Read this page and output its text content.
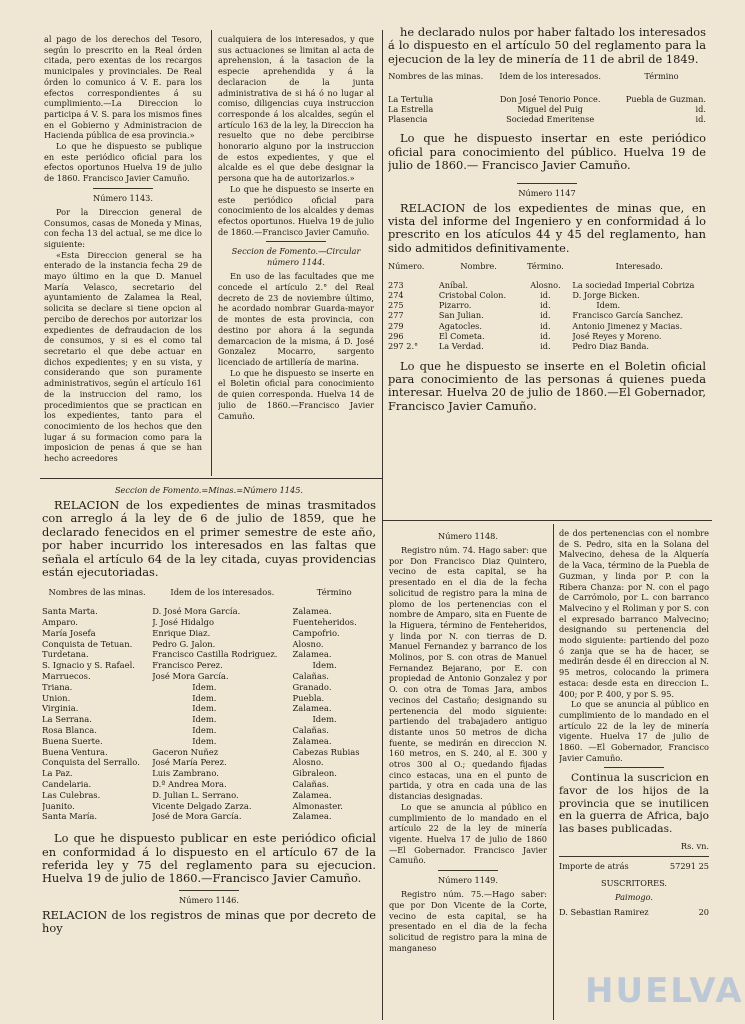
al pago de los derechos del Tesoro, según lo prescrito en la Real órden citada, pero exentas de los recargos municipales y provinciales. De Real órden lo comunico á V. E. para los efectos correspondientes á su cumplimiento.—La Direccion lo participa á V. S. para los mismos fines en el Gobierno y Administracion de Hacienda pública de esa provincia.»

Lo que he dispuesto se publique en este periódico oficial para los efectos oportunos Huelva 19 de julio de 1860. Francisco Javier Camuño.

Número 1143.

Por la Direccion general de Consumos, casas de Moneda y Minas, con fecha 13 del actual, se me dice lo siguiente:

«Esta Direccion general se ha enterado de la instancia fecha 29 de mayo último en la que D. Manuel María Velasco, secretario del ayuntamiento de Zalamea la Real, solicita se declare si tiene opcion al percibo de derechos por autorizar los expedientes de defraudacion de los de consumos, y si es el como tal secretario el que debe actuar en dichos expedientes; y en su vista, y considerando que son puramente administrativos, según el artículo 161 de la instruccion del ramo, los procedimientos que se practican en los expedientes, tanto para el conocimiento de los hechos que den lugar á su formacion como para la imposicion de penas á que se han hecho acreedores

cualquiera de los interesados, y que sus actuaciones se limitan al acta de aprehension, á la tasacion de la especie aprehendida y á la declaracion de la junta administrativa de si há ó no lugar al comiso, diligencias cuya instruccion corresponde á los alcaldes, según el artículo 163 de la ley, la Direccion ha resuelto que no debe percibirse honorario alguno por la instruccion de estos expedientes, y que el alcalde es el que debe designar la persona que ha de autorizarlos.»

Lo que he dispuesto se inserte en este periódico oficial para conocimiento de los alcaldes y demas efectos oportunos. Huelva 19 de julio de 1860.—Francisco Javier Camuño.

Seccion de Fomento.—Circular número 1144.

En uso de las facultades que me concede el artículo 2.° del Real decreto de 23 de noviembre último, he acordado nombrar Guarda-mayor de montes de esta provincia, con destino por ahora á la segunda demarcacion de la misma, á D. José Gonzalez Mocarro, sargento licenciado de artillería de marina.

Lo que he dispuesto se inserte en el Boletin oficial para conocimiento de quien corresponda. Huelva 14 de julio de 1860.—Francisco Javier Camuño.

he declarado nulos por haber faltado los interesados á lo dispuesto en el artículo 50 del reglamento para la ejecucion de la ley de minería de 11 de abril de 1849.

Nombres de las minas.	Idem de los interesados.	Término

La Tertulia	Don José Tenorio Ponce.	Puebla de Guzman.
La Estrella	Miguel del Puig	id.
Plasencia	Sociedad Emeritense	id.

Lo que he dispuesto insertar en este periódico oficial para conocimiento del público. Huelva 19 de julio de 1860.— Francisco Javier Camuño.

Número 1147

RELACION de los expedientes de minas que, en vista del informe del Ingeniero y en conformidad á lo prescrito en los atículos 44 y 45 del reglamento, han sido admitidos definitivamente.

Número.	Nombre.	Término.	Interesado.

273	Aníbal.	Alosno.	La sociedad Imperial Cobriza
274	Cristobal Colon.	id.	D. Jorge Bicken.
275	Pizarro.	id.	Idem.
277	San Julian.	id.	Francisco García Sanchez.
279	Agatocles.	id.	Antonio Jimenez y Macias.
296	El Cometa.	id.	José Reyes y Moreno.
297 2.°	La Verdad.	id.	Pedro Diaz Banda.

Lo que he dispuesto se inserte en el Boletin oficial para conocimiento de las personas á quienes pueda interesar. Huelva 20 de julio de 1860.—El Gobernador, Francisco Javier Camuño.

Seccion de Fomento.=Minas.=Número 1145.

RELACION de los expedientes de minas trasmitados con arreglo á la ley de 6 de julio de 1859, que he declarado fenecidos en el primer semestre de este año, por haber incurrido los interesados en las faltas que señala el artículo 64 de la ley citada, cuyas providencias están ejecutoriadas.

Nombres de las minas.	Idem de los interesados.	Término

Santa Marta.	D. José Mora García.	Zalamea.
Amparo.	J. José Hidalgo	Fuenteheridos.
María Josefa	Enrique Diaz.	Campofrio.
Conquista de Tetuan.	Pedro G. Jalon.	Alosno.
Turdetana.	Francisco Castilla Rodriguez.	Zalamea.
S. Ignacio y S. Rafael.	Francisco Perez.	Idem.
Marruecos.	José Mora García.	Calañas.
Triana.	Idem.	Granado.
Union.	Idem.	Puebla.
Virginia.	Idem.	Zalamea.
La Serrana.	Idem.	Idem.
Rosa Blanca.	Idem.	Calañas.
Buena Suerte.	Idem.	Zalamea.
Buena Ventura.	Gaceron Nuñez	Cabezas Rubias
Conquista del Serrallo.	José María Perez.	Alosno.
La Paz.	Luis Zambrano.	Gibraleon.
Candelaria.	D.ª Andrea Mora.	Calañas.
Las Culebras.	D. Julian L. Serrano.	Zalamea.
Juanito.	Vicente Delgado Zarza.	Almonaster.
Santa María.	José de Mora García.	Zalamea.

Lo que he dispuesto publicar en este periódico oficial en conformidad á lo dispuesto en el artículo 67 de la referida ley y 75 del reglamento para su ejecucion. Huelva 19 de julio de 1860.—Francisco Javier Camuño.

Número 1146.

RELACION de los registros de minas que por decreto de hoy

Número 1148.

Registro núm. 74. Hago saber: que por Don Francisco Diaz Quintero, vecino de esta capital, se ha presentado en el dia de la fecha solicitud de registro para la mina de plomo de los pertenencias con el nombre de Amparo, sita en Fuente de la Higuera, término de Fenteheridos, y linda por N. con tierras de D. Manuel Fernandez y barranco de los Molinos, por S. con otras de Manuel Fernandez Bejarano, por E. con propiedad de Antonio Gonzalez y por O. con otra de Tomas Jara, ambos vecinos del Castaño; designando su pertenencia del modo siguiente: partiendo del trabajadero antiguo distante unos 50 metros de dicha fuente, se medirán en direccion N. 160 metros, en S. 240, al E. 300 y otros 300 al O.; quedando fijadas cinco estacas, una en el punto de partida, y otra en cada una de las distancias designadas.

Lo que se anuncia al público en cumplimiento de lo mandado en el artículo 22 de la ley de minería vigente. Huelva 17 de julio de 1860 —El Gobernador. Francisco Javier Camuño.

Número 1149.

Registro núm. 75.—Hago saber: que por Don Vicente de la Corte, vecino de esta capital, se ha presentado en el dia de la fecha solicitud de registro para la mina de manganeso

de dos pertenencias con el nombre de S. Pedro, sita en la Solana del Malvecino, dehesa de la Alquería de la Vaca, término de la Puebla de Guzman, y linda por P. con la Ribera Chanza: por N. con el pago de Carrómolo, por L. con barranco Malvecino y el Roliman y por S. con el expresado barranco Malvecino; designando su pertenencia del modo siguiente: partiendo del pozo ó zanja que se ha de hacer, se medirán desde él en direccion al N. 95 metros, colocando la primera estaca: desde esta en direccion L. 400; por P. 400, y por S. 95.

Lo que se anuncia al público en cumplimiento de lo mandado en el artículo 22 de la ley de minería vigente. Huelva 17 de julio de 1860. —El Gobernador, Francisco Javier Camuño.

Continua la suscricion en favor de los hijos de la provincia que se inutilicen en la guerra de Africa, bajo las bases publicadas.

Rs. vn.

Importe de atrás	57291 25

SUSCRITORES.

Paimogo.

D. Sebastian Ramirez	20

HUELVA
